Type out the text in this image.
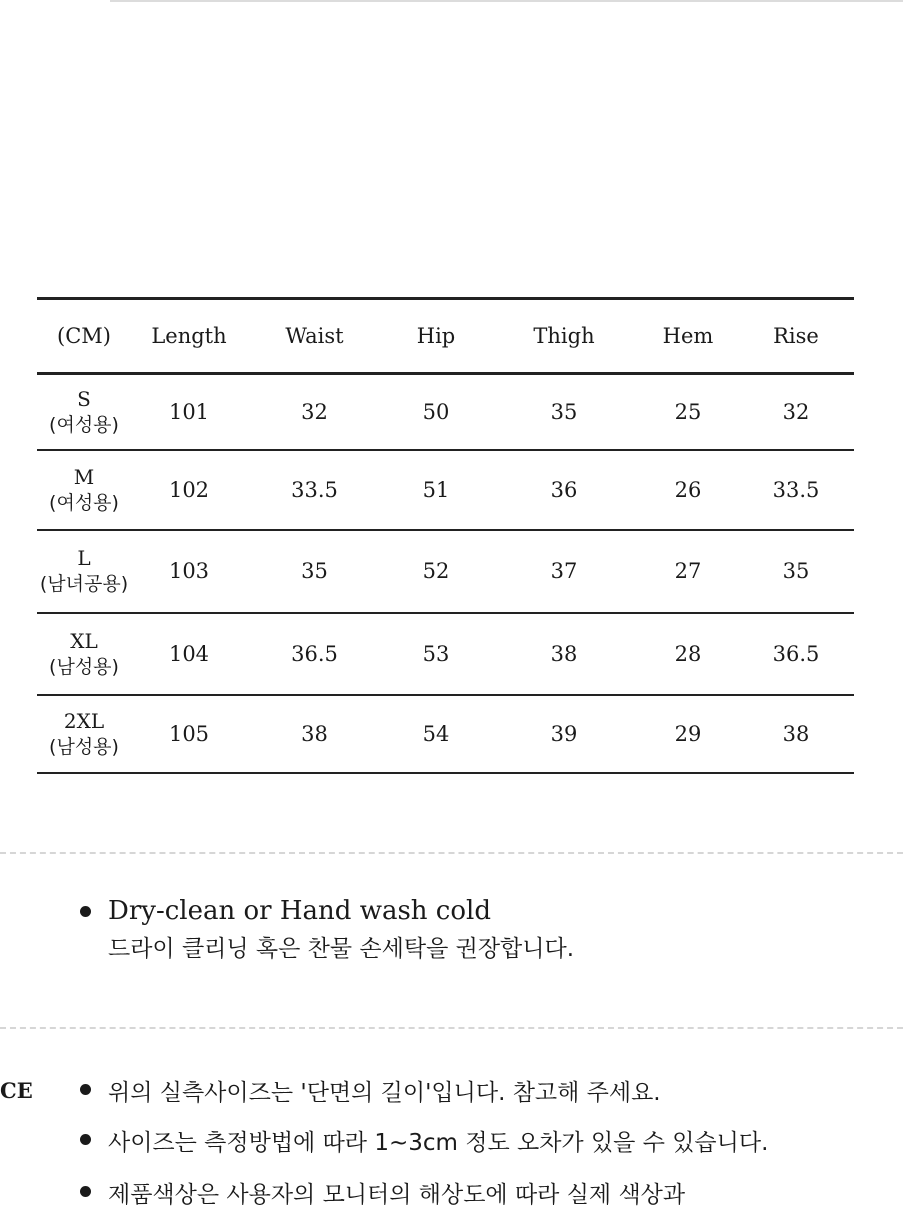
(CM)	Length	Waist	Hip	Thigh	Hem	Rise

S
(여성용)	101	32	50	35	25	32

M
(여성용)	102	33.5	51	36	26	33.5

L
(남녀공용)	103	35	52	37	27	35

XL
(남성용)	104	36.5	53	38	28	36.5

2XL
(남성용)	105	38	54	39	29	38
Dry-clean or Hand wash cold
드라이 클리닝 혹은 찬물 손세탁을 권장합니다.
CE	위의 실측사이즈는 '단면의 길이'입니다. 참고해 주세요.
사이즈는 측정방법에 따라 1~3cm 정도 오차가 있을 수 있습니다.
제품색상은 사용자의 모니터의 해상도에 따라 실제 색상과
